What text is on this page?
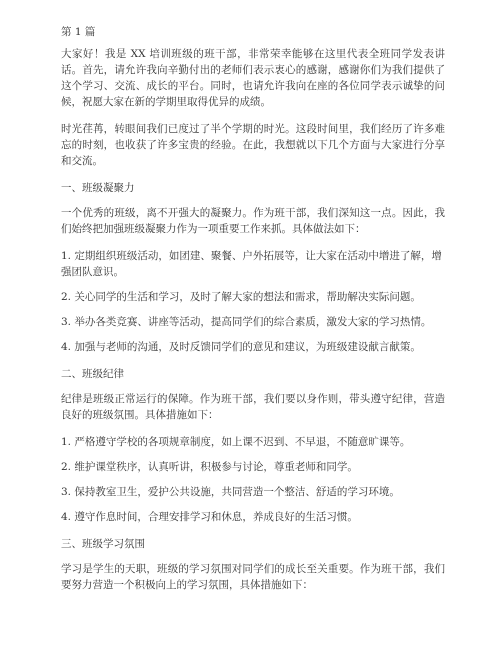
第 1 篇

大家好！我是 XX 培训班级的班干部，非常荣幸能够在这里代表全班同学发表讲话。首先，请允许我向辛勤付出的老师们表示衷心的感谢，感谢你们为我们提供了这个学习、交流、成长的平台。同时，也请允许我向在座的各位同学表示诚挚的问候，祝愿大家在新的学期里取得优异的成绩。

时光荏苒，转眼间我们已度过了半个学期的时光。这段时间里，我们经历了许多难忘的时刻，也收获了许多宝贵的经验。在此，我想就以下几个方面与大家进行分享和交流。

一、班级凝聚力

一个优秀的班级，离不开强大的凝聚力。作为班干部，我们深知这一点。因此，我们始终把加强班级凝聚力作为一项重要工作来抓。具体做法如下：

1. 定期组织班级活动，如团建、聚餐、户外拓展等，让大家在活动中增进了解，增强团队意识。

2. 关心同学的生活和学习，及时了解大家的想法和需求，帮助解决实际问题。

3. 举办各类竞赛、讲座等活动，提高同学们的综合素质，激发大家的学习热情。

4. 加强与老师的沟通，及时反馈同学们的意见和建议，为班级建设献言献策。

二、班级纪律

纪律是班级正常运行的保障。作为班干部，我们要以身作则，带头遵守纪律，营造良好的班级氛围。具体措施如下：

1. 严格遵守学校的各项规章制度，如上课不迟到、不早退，不随意旷课等。

2. 维护课堂秩序，认真听讲，积极参与讨论，尊重老师和同学。

3. 保持教室卫生，爱护公共设施，共同营造一个整洁、舒适的学习环境。

4. 遵守作息时间，合理安排学习和休息，养成良好的生活习惯。

三、班级学习氛围

学习是学生的天职，班级的学习氛围对同学们的成长至关重要。作为班干部，我们要努力营造一个积极向上的学习氛围，具体措施如下：
